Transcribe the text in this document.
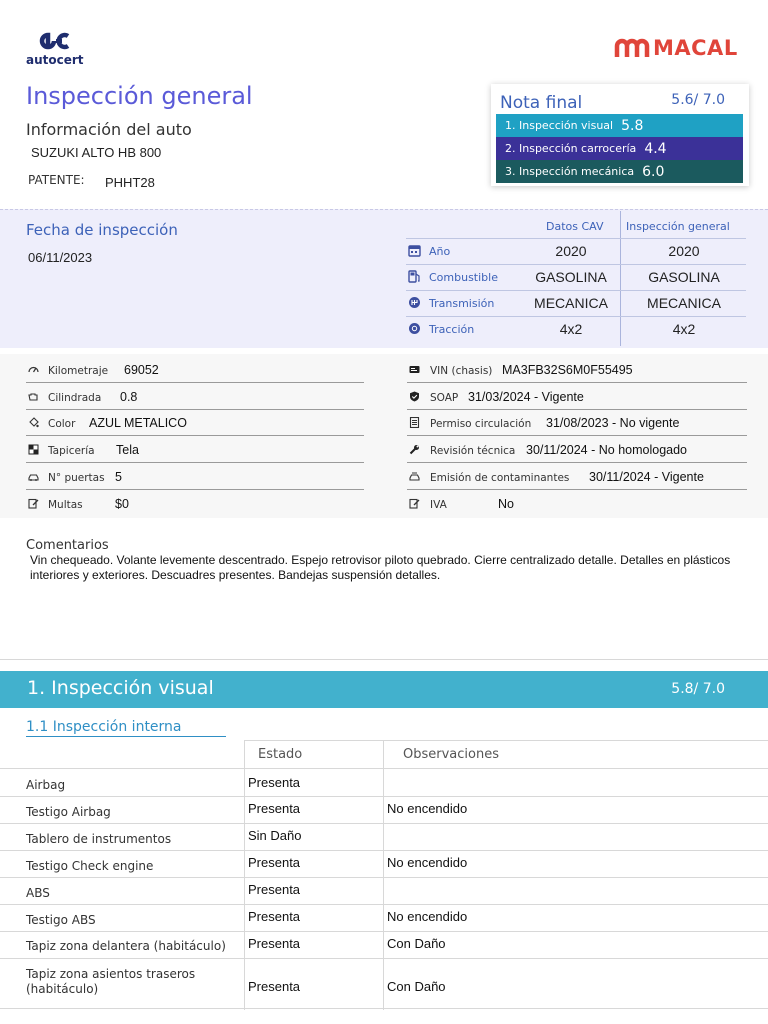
autocert	MACAL
Inspección general
Información del auto
SUZUKI ALTO HB 800
PATENTE: PHHT28
Nota final	5.6/ 7.0
1. Inspección visual 5.8
2. Inspección carrocería 4.4
3. Inspección mecánica 6.0
Fecha de inspección
06/11/2023
Datos CAV Inspección general
Año	2020	2020
Combustible	GASOLINA	GASOLINA
Transmisión	MECANICA	MECANICA
Tracción	4x2	4x2
Kilometraje 69052
Cilindrada 0.8
Color AZUL METALICO
Tapicería Tela
N° puertas 5
Multas	$0
VIN (chasis) MA3FB32S6M0F55495
SOAP 31/03/2024 - Vigente
Permiso circulación 31/08/2023 - No vigente
Revisión técnica 30/11/2024 - No homologado
Emisión de contaminantes 30/11/2024 - Vigente
IVA	No
Comentarios
Vin chequeado. Volante levemente descentrado. Espejo retrovisor piloto quebrado. Cierre centralizado detalle. Detalles en plásticos interiores y exteriores. Descuadres presentes. Bandejas suspensión detalles.
1. Inspección visual	5.8/ 7.0
1.1 Inspección interna
Estado	Observaciones
Airbag	Presenta
Testigo Airbag	Presenta	No encendido
Tablero de instrumentos	Sin Daño
Testigo Check engine	Presenta	No encendido
ABS	Presenta
Testigo ABS	Presenta	No encendido
Tapiz zona delantera (habitáculo) Presenta	Con Daño
Tapiz zona asientos traseros (habitáculo)	Presenta	Con Daño
